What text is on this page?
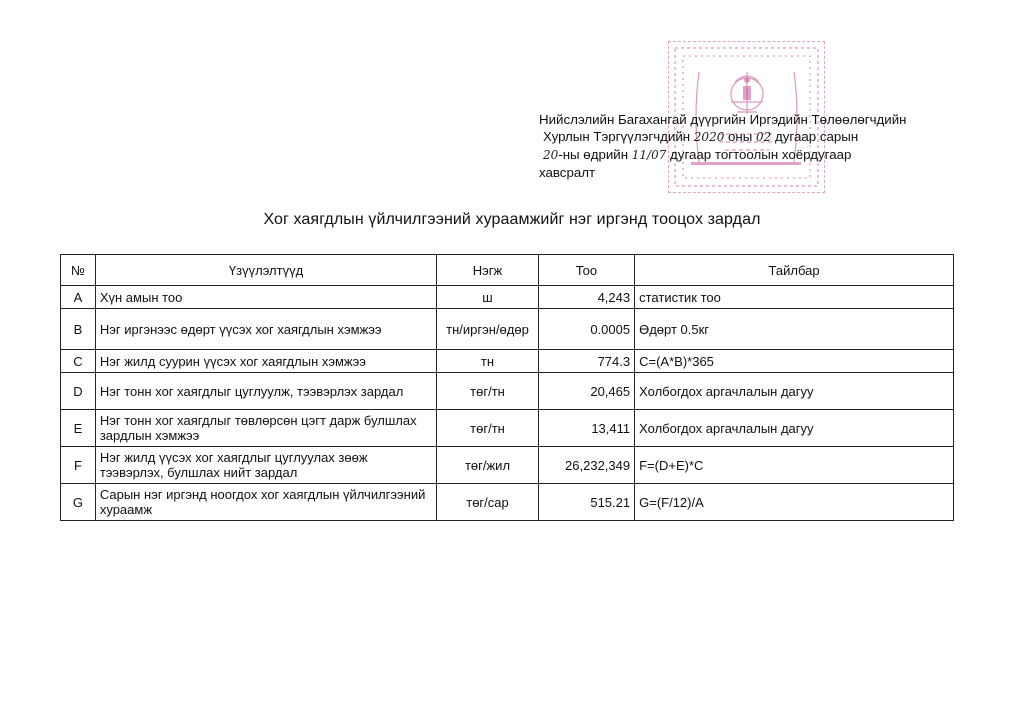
Нийслэлийн Багахангай дүүргийн Иргэдийн Төлөөлөгчдийн
Хурлын Тэргүүлэгчдийн 2020 оны 02 дугаар сарын
20-ны өдрийн 11/07 дугаар тогтоолын хоёрдугаар
хавсралт
Хог хаягдлын үйлчилгээний хураамжийг нэг иргэнд тооцох зардал
№	Үзүүлэлтүүд	Нэгж	Тоо	Тайлбар
A	Хүн амын тоо	ш	4,243	статистик тоо
B	Нэг иргэнээс өдөрт үүсэх хог хаягдлын хэмжээ	тн/иргэн/өдөр	0.0005	Өдөрт 0.5кг
C	Нэг жилд суурин үүсэх хог хаягдлын хэмжээ	тн	774.3	C=(A*B)*365
D	Нэг тонн хог хаягдлыг цуглуулж, тээвэрлэх зардал	төг/тн	20,465	Холбогдох аргачлалын дагуу
E	Нэг тонн хог хаягдлыг төвлөрсөн цэгт дарж булшлах зардлын хэмжээ	төг/тн	13,411	Холбогдох аргачлалын дагуу
F	Нэг жилд үүсэх хог хаягдлыг цуглуулах зөөж тээвэрлэх, булшлах нийт зардал	төг/жил	26,232,349	F=(D+E)*C
G	Сарын нэг иргэнд ноогдох хог хаягдлын үйлчилгээний хураамж	төг/сар	515.21	G=(F/12)/A
